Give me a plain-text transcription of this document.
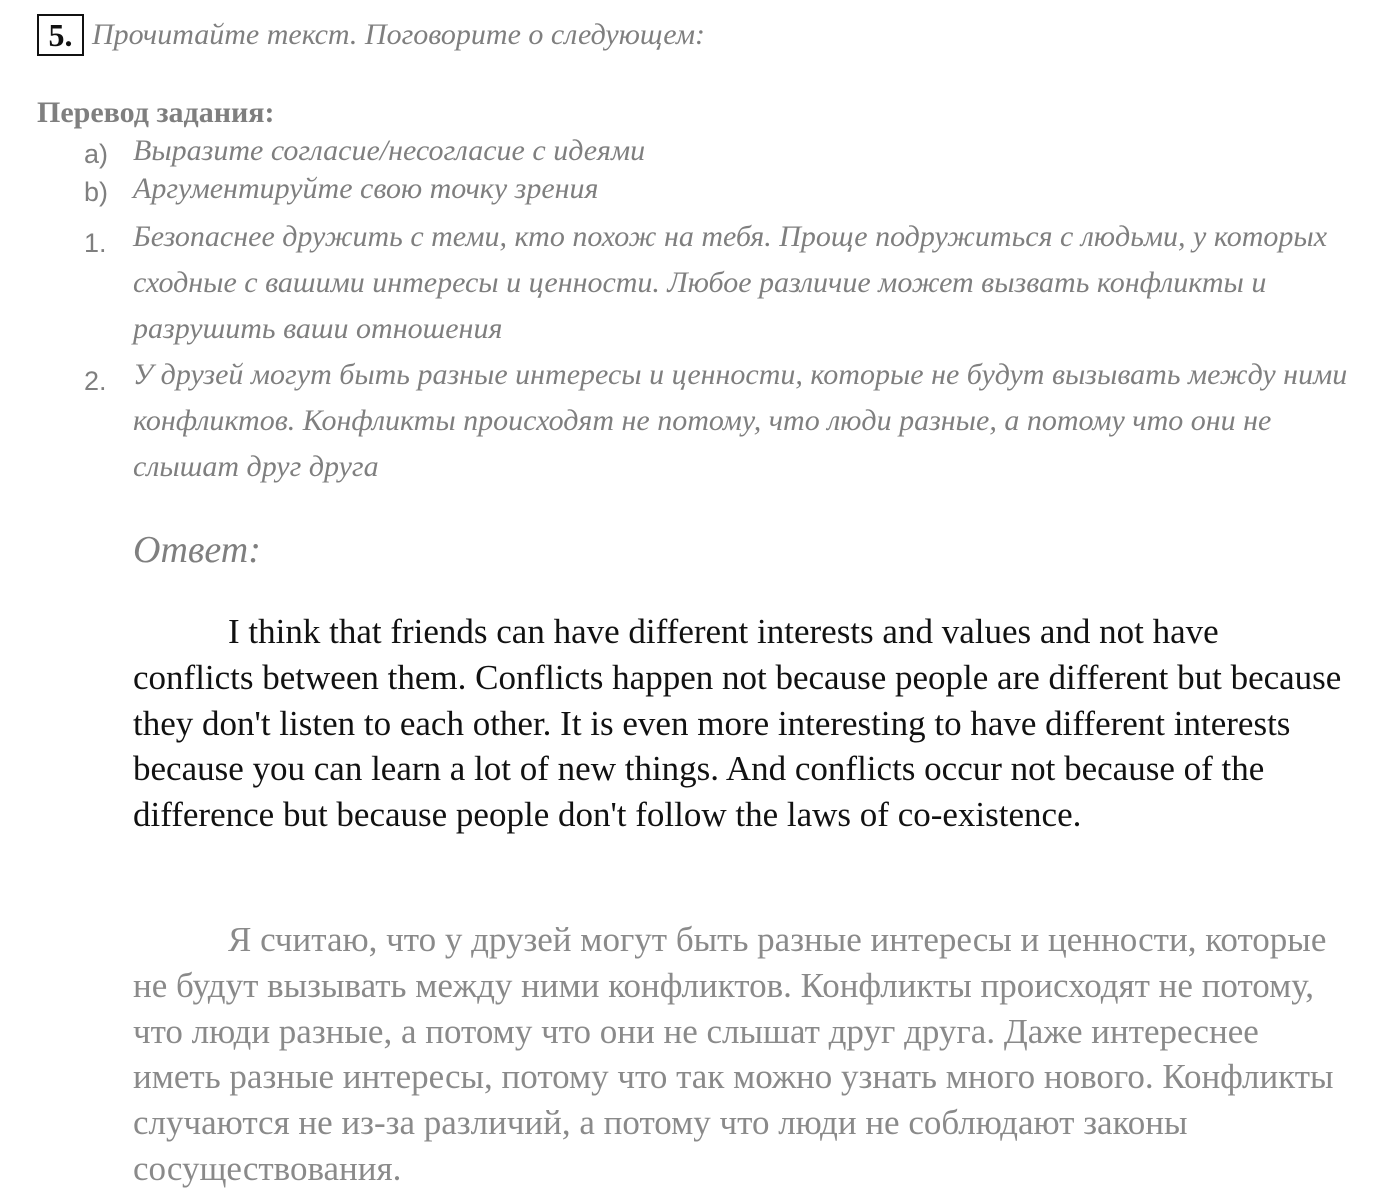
5. Прочитайте текст. Поговорите о следующем:
Перевод задания:
a) Выразите согласие/несогласие с идеями
b) Аргументируйте свою точку зрения
1. Безопаснее дружить с теми, кто похож на тебя. Проще подружиться с людьми, у которых сходные с вашими интересы и ценности. Любое различие может вызвать конфликты и разрушить ваши отношения
2. У друзей могут быть разные интересы и ценности, которые не будут вызывать между ними конфликтов. Конфликты происходят не потому, что люди разные, а потому что они не слышат друг друга
Ответ:

I think that friends can have different interests and values and not have conflicts between them. Conflicts happen not because people are different but because they don't listen to each other. It is even more interesting to have different interests because you can learn a lot of new things. And conflicts occur not because of the difference but because people don't follow the laws of co-existence.

Я считаю, что у друзей могут быть разные интересы и ценности, которые не будут вызывать между ними конфликтов. Конфликты происходят не потому, что люди разные, а потому что они не слышат друг друга. Даже интереснее иметь разные интересы, потому что так можно узнать много нового. Конфликты случаются не из-за различий, а потому что люди не соблюдают законы сосуществования.
